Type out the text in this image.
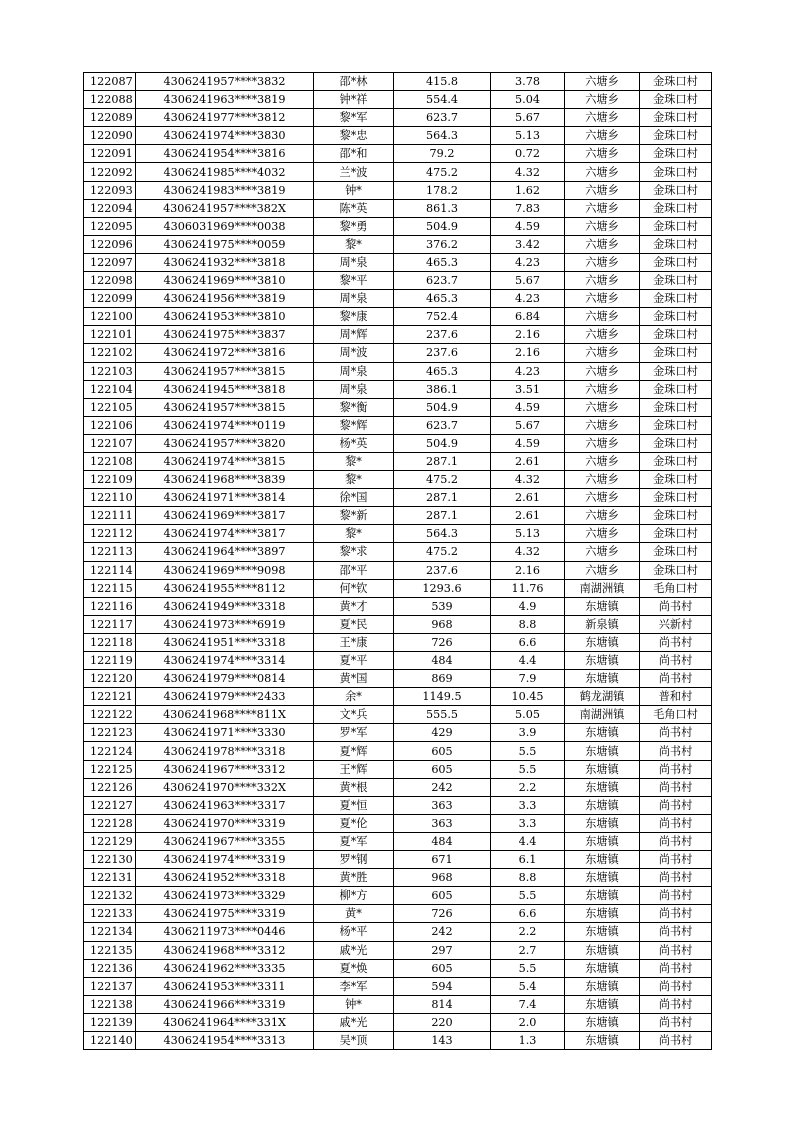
122087	4306241957****3832	邵*林	415.8	3.78	六塘乡	金珠口村
122088	4306241963****3819	钟*祥	554.4	5.04	六塘乡	金珠口村
122089	4306241977****3812	黎*军	623.7	5.67	六塘乡	金珠口村
122090	4306241974****3830	黎*忠	564.3	5.13	六塘乡	金珠口村
122091	4306241954****3816	邵*和	79.2	0.72	六塘乡	金珠口村
122092	4306241985****4032	兰*波	475.2	4.32	六塘乡	金珠口村
122093	4306241983****3819	钟*	178.2	1.62	六塘乡	金珠口村
122094	4306241957****382X	陈*英	861.3	7.83	六塘乡	金珠口村
122095	4306031969****0038	黎*勇	504.9	4.59	六塘乡	金珠口村
122096	4306241975****0059	黎*	376.2	3.42	六塘乡	金珠口村
122097	4306241932****3818	周*泉	465.3	4.23	六塘乡	金珠口村
122098	4306241969****3810	黎*平	623.7	5.67	六塘乡	金珠口村
122099	4306241956****3819	周*泉	465.3	4.23	六塘乡	金珠口村
122100	4306241953****3810	黎*康	752.4	6.84	六塘乡	金珠口村
122101	4306241975****3837	周*辉	237.6	2.16	六塘乡	金珠口村
122102	4306241972****3816	周*波	237.6	2.16	六塘乡	金珠口村
122103	4306241957****3815	周*泉	465.3	4.23	六塘乡	金珠口村
122104	4306241945****3818	周*泉	386.1	3.51	六塘乡	金珠口村
122105	4306241957****3815	黎*衡	504.9	4.59	六塘乡	金珠口村
122106	4306241974****0119	黎*辉	623.7	5.67	六塘乡	金珠口村
122107	4306241957****3820	杨*英	504.9	4.59	六塘乡	金珠口村
122108	4306241974****3815	黎*	287.1	2.61	六塘乡	金珠口村
122109	4306241968****3839	黎*	475.2	4.32	六塘乡	金珠口村
122110	4306241971****3814	徐*国	287.1	2.61	六塘乡	金珠口村
122111	4306241969****3817	黎*新	287.1	2.61	六塘乡	金珠口村
122112	4306241974****3817	黎*	564.3	5.13	六塘乡	金珠口村
122113	4306241964****3897	黎*求	475.2	4.32	六塘乡	金珠口村
122114	4306241969****9098	邵*平	237.6	2.16	六塘乡	金珠口村
122115	4306241955****8112	何*钦	1293.6	11.76	南湖洲镇	毛角口村
122116	4306241949****3318	黄*才	539	4.9	东塘镇	尚书村
122117	4306241973****6919	夏*民	968	8.8	新泉镇	兴新村
122118	4306241951****3318	王*康	726	6.6	东塘镇	尚书村
122119	4306241974****3314	夏*平	484	4.4	东塘镇	尚书村
122120	4306241979****0814	黄*国	869	7.9	东塘镇	尚书村
122121	4306241979****2433	余*	1149.5	10.45	鹤龙湖镇	普和村
122122	4306241968****811X	文*兵	555.5	5.05	南湖洲镇	毛角口村
122123	4306241971****3330	罗*军	429	3.9	东塘镇	尚书村
122124	4306241978****3318	夏*辉	605	5.5	东塘镇	尚书村
122125	4306241967****3312	王*辉	605	5.5	东塘镇	尚书村
122126	4306241970****332X	黄*根	242	2.2	东塘镇	尚书村
122127	4306241963****3317	夏*恒	363	3.3	东塘镇	尚书村
122128	4306241970****3319	夏*伦	363	3.3	东塘镇	尚书村
122129	4306241967****3355	夏*军	484	4.4	东塘镇	尚书村
122130	4306241974****3319	罗*钢	671	6.1	东塘镇	尚书村
122131	4306241952****3318	黄*胜	968	8.8	东塘镇	尚书村
122132	4306241973****3329	柳*方	605	5.5	东塘镇	尚书村
122133	4306241975****3319	黄*	726	6.6	东塘镇	尚书村
122134	4306211973****0446	杨*平	242	2.2	东塘镇	尚书村
122135	4306241968****3312	戚*光	297	2.7	东塘镇	尚书村
122136	4306241962****3335	夏*焕	605	5.5	东塘镇	尚书村
122137	4306241953****3311	李*军	594	5.4	东塘镇	尚书村
122138	4306241966****3319	钟*	814	7.4	东塘镇	尚书村
122139	4306241964****331X	戚*光	220	2.0	东塘镇	尚书村
122140	4306241954****3313	吴*顶	143	1.3	东塘镇	尚书村
